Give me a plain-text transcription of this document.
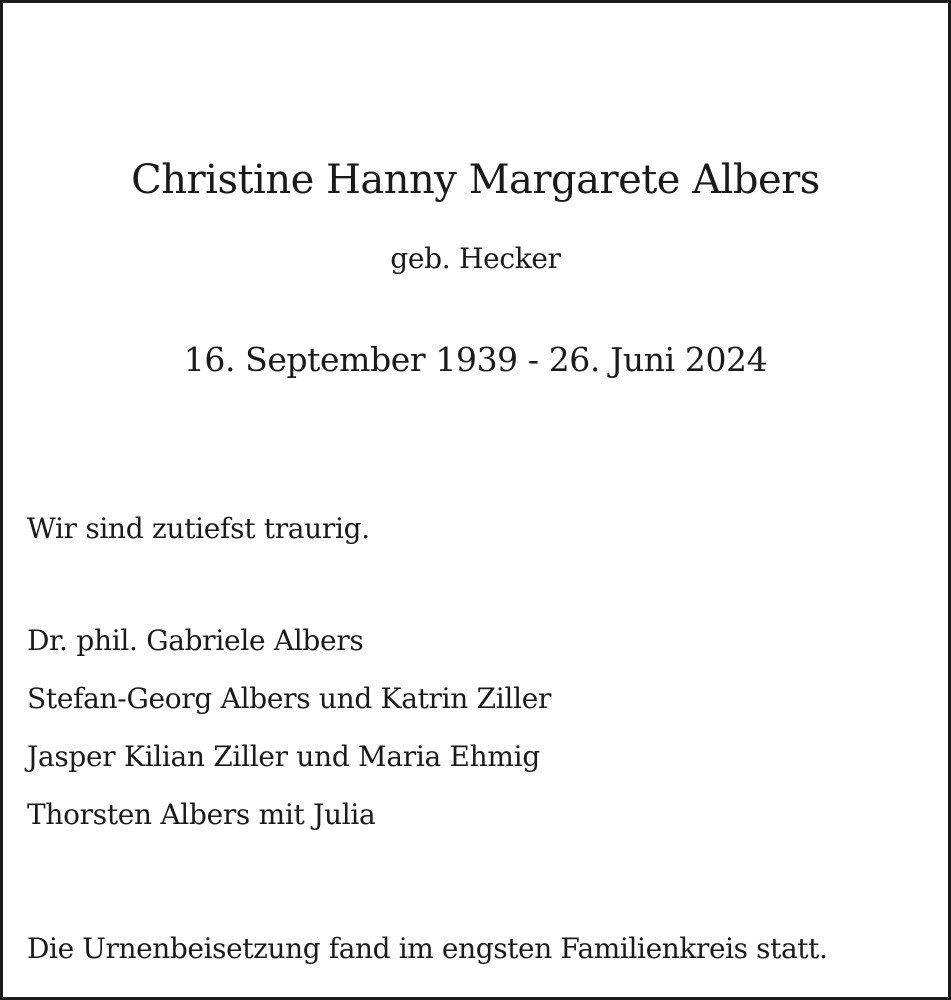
Christine Hanny Margarete Albers
geb. Hecker
16. September 1939 - 26. Juni 2024
Wir sind zutiefst traurig.
Dr. phil. Gabriele Albers
Stefan-Georg Albers und Katrin Ziller
Jasper Kilian Ziller und Maria Ehmig
Thorsten Albers mit Julia
Die Urnenbeisetzung fand im engsten Familienkreis statt.
